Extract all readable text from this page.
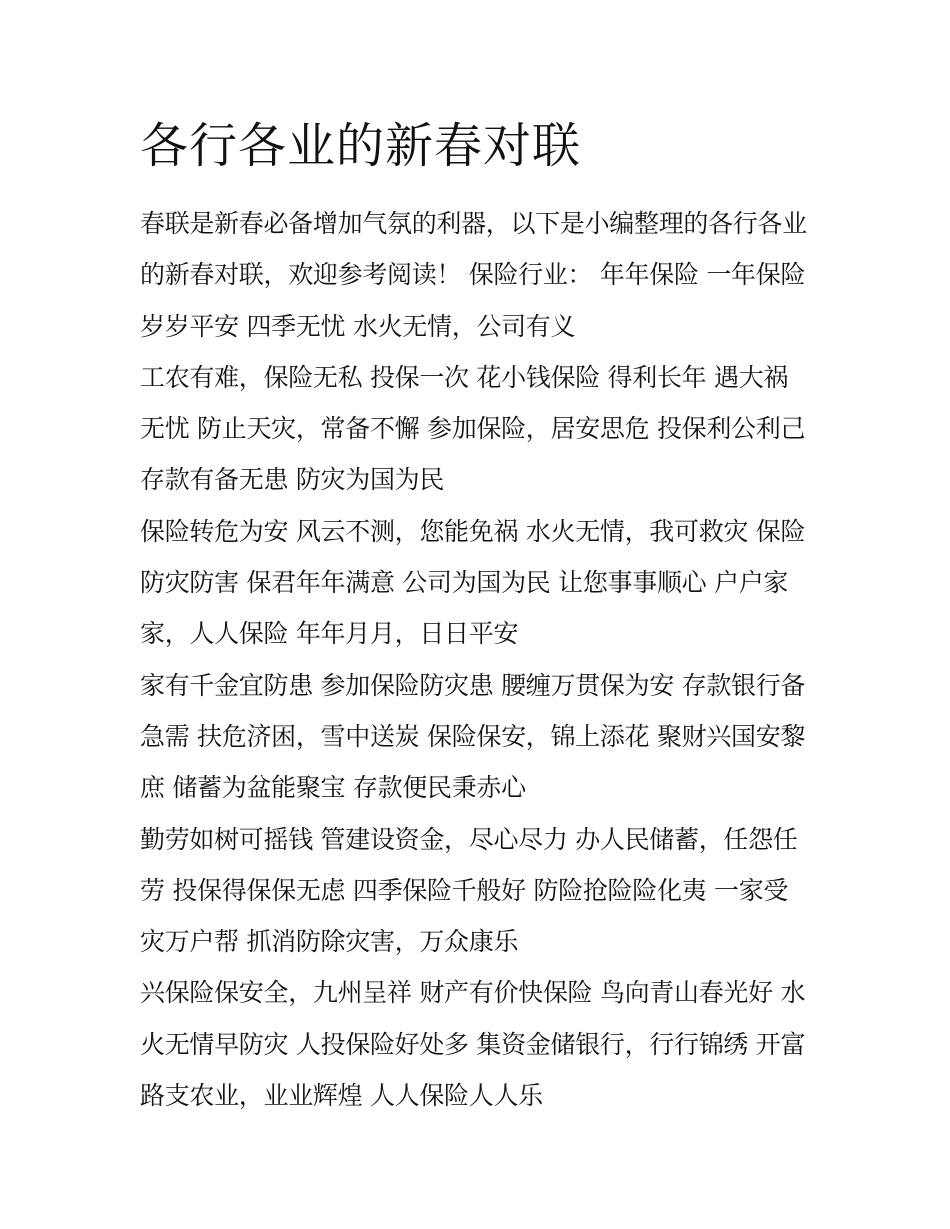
各行各业的新春对联
春联是新春必备增加气氛的利器，以下是小编整理的各行各业
的新春对联，欢迎参考阅读！ 保险行业： 年年保险 一年保险
岁岁平安 四季无忧 水火无情，公司有义
工农有难，保险无私 投保一次 花小钱保险 得利长年 遇大祸
无忧 防止天灾，常备不懈 参加保险，居安思危 投保利公利己
存款有备无患 防灾为国为民
保险转危为安 风云不测，您能免祸 水火无情，我可救灾 保险
防灾防害 保君年年满意 公司为国为民 让您事事顺心 户户家
家，人人保险 年年月月，日日平安
家有千金宜防患 参加保险防灾患 腰缠万贯保为安 存款银行备
急需 扶危济困，雪中送炭 保险保安，锦上添花 聚财兴国安黎
庶 储蓄为盆能聚宝 存款便民秉赤心
勤劳如树可摇钱 管建设资金，尽心尽力 办人民储蓄，任怨任
劳 投保得保保无虑 四季保险千般好 防险抢险险化夷 一家受
灾万户帮 抓消防除灾害，万众康乐
兴保险保安全，九州呈祥 财产有价快保险 鸟向青山春光好 水
火无情早防灾 人投保险好处多 集资金储银行，行行锦绣 开富
路支农业，业业辉煌 人人保险人人乐
